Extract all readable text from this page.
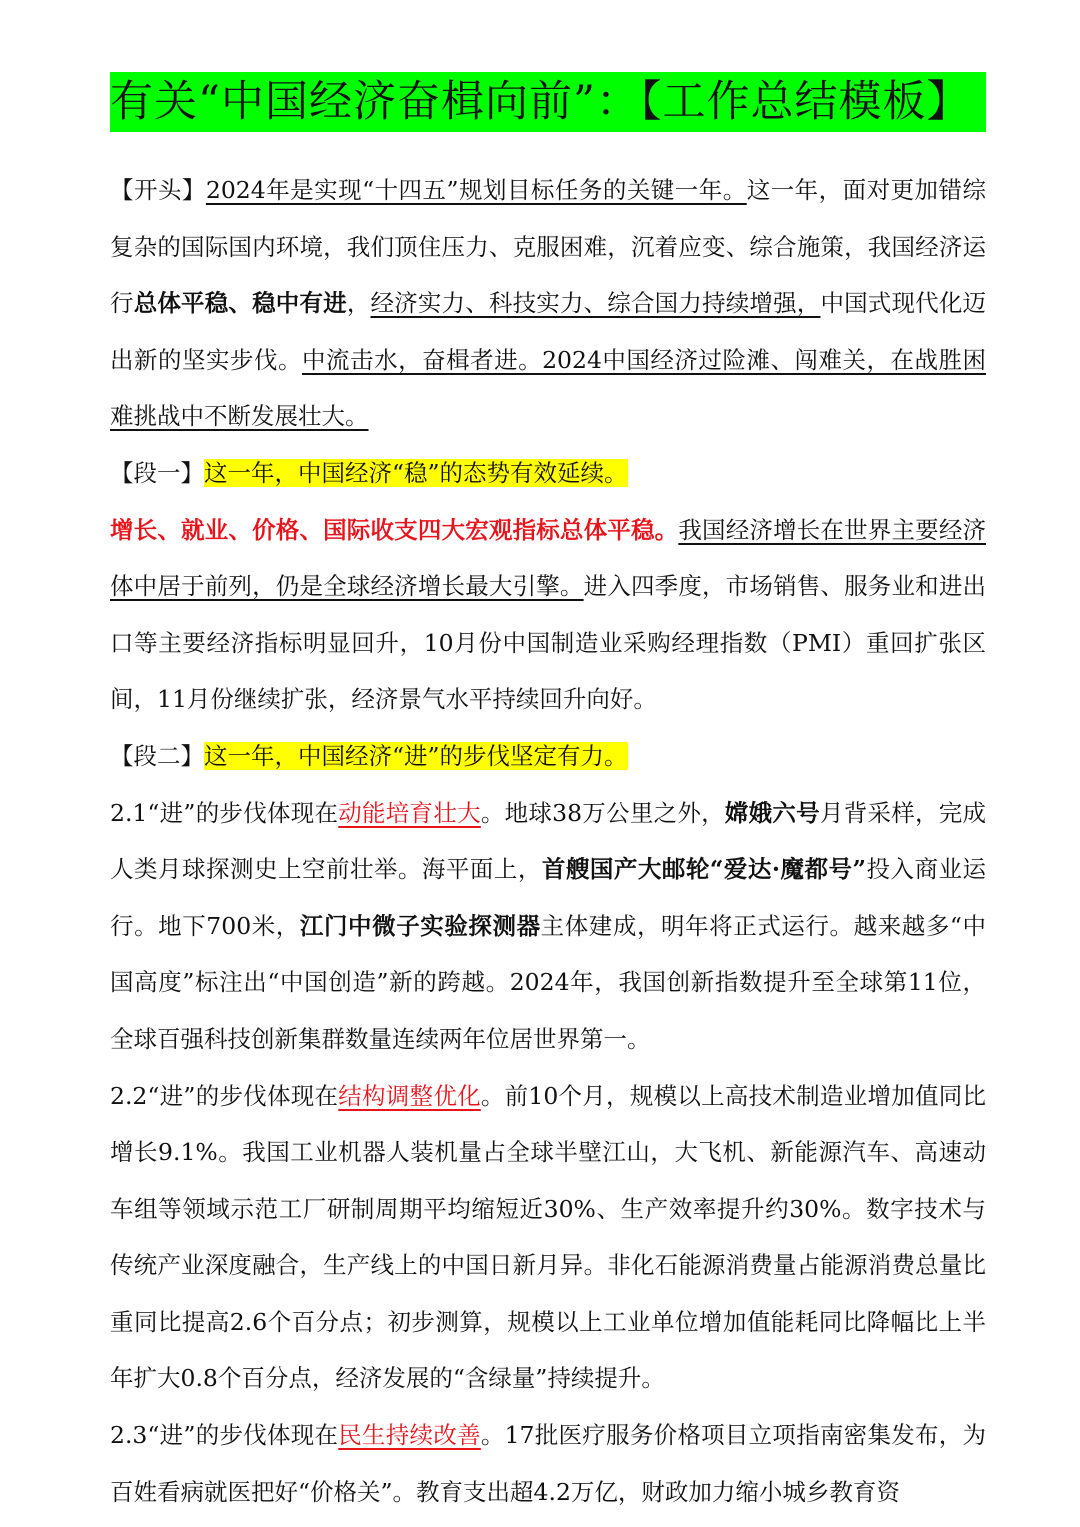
有关“中国经济奋楫向前”：【工作总结模板】

【开头】2024年是实现“十四五”规划目标任务的关键一年。这一年，面对更加错综复杂的国际国内环境，我们顶住压力、克服困难，沉着应变、综合施策，我国经济运行总体平稳、稳中有进，经济实力、科技实力、综合国力持续增强，中国式现代化迈出新的坚实步伐。中流击水，奋楫者进。2024中国经济过险滩、闯难关，在战胜困难挑战中不断发展壮大。

【段一】这一年，中国经济“稳”的态势有效延续。

增长、就业、价格、国际收支四大宏观指标总体平稳。我国经济增长在世界主要经济体中居于前列，仍是全球经济增长最大引擎。进入四季度，市场销售、服务业和进出口等主要经济指标明显回升，10月份中国制造业采购经理指数（PMI）重回扩张区间，11月份继续扩张，经济景气水平持续回升向好。

【段二】这一年，中国经济“进”的步伐坚定有力。

2.1“进”的步伐体现在动能培育壮大。地球38万公里之外，嫦娥六号月背采样，完成人类月球探测史上空前壮举。海平面上，首艘国产大邮轮“爱达·魔都号”投入商业运行。地下700米，江门中微子实验探测器主体建成，明年将正式运行。越来越多“中国高度”标注出“中国创造”新的跨越。2024年，我国创新指数提升至全球第11位，全球百强科技创新集群数量连续两年位居世界第一。

2.2“进”的步伐体现在结构调整优化。前10个月，规模以上高技术制造业增加值同比增长9.1%。我国工业机器人装机量占全球半壁江山，大飞机、新能源汽车、高速动车组等领域示范工厂研制周期平均缩短近30%、生产效率提升约30%。数字技术与传统产业深度融合，生产线上的中国日新月异。非化石能源消费量占能源消费总量比重同比提高2.6个百分点；初步测算，规模以上工业单位增加值能耗同比降幅比上半年扩大0.8个百分点，经济发展的“含绿量”持续提升。

2.3“进”的步伐体现在民生持续改善。17批医疗服务价格项目立项指南密集发布，为百姓看病就医把好“价格关”。教育支出超4.2万亿，财政加力缩小城乡教育资
